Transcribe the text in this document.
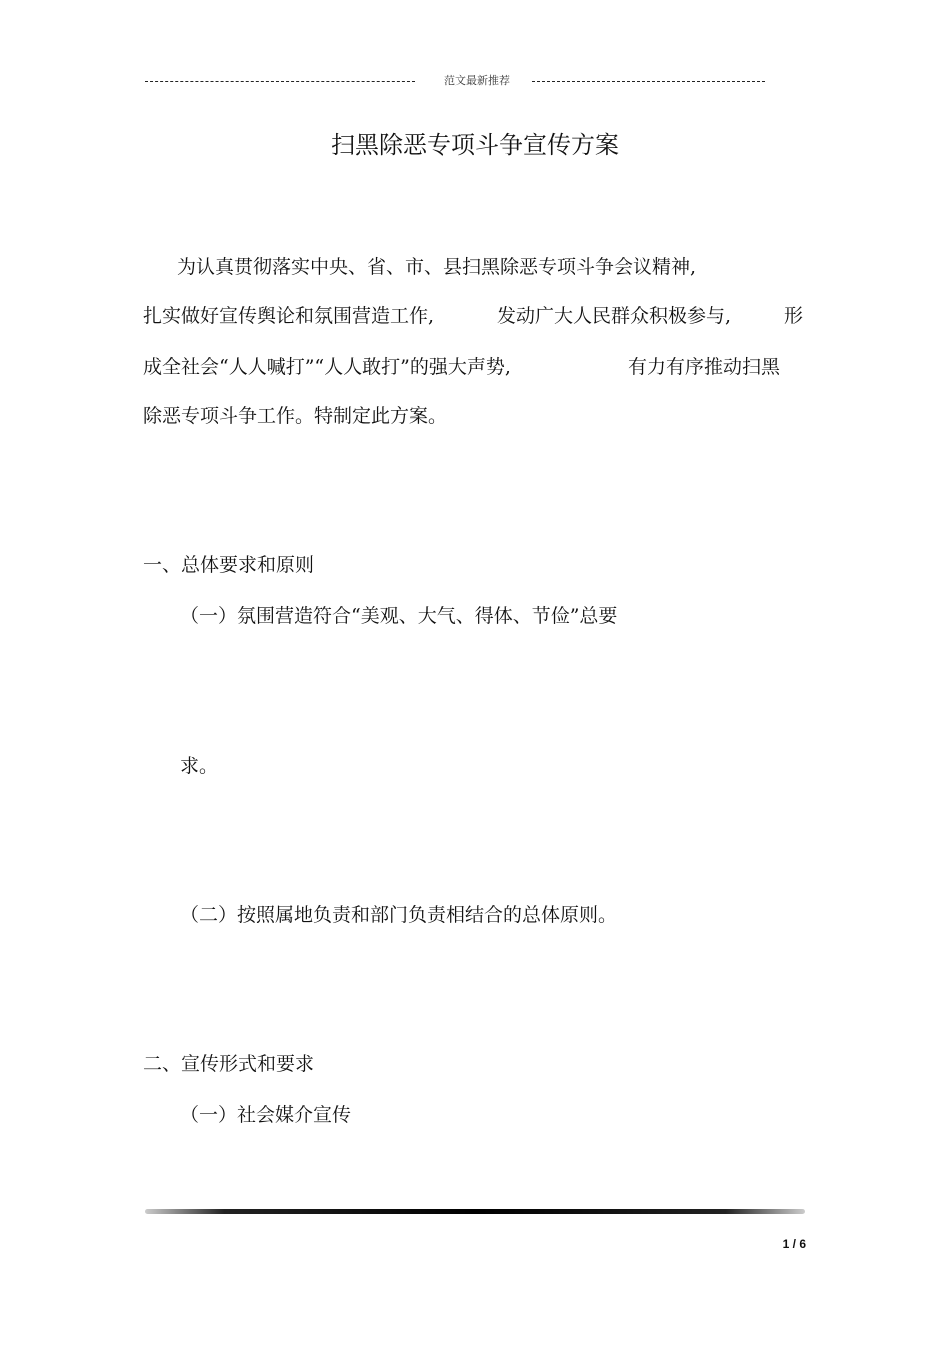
范文最新推荐
扫黑除恶专项斗争宣传方案
为认真贯彻落实中央、省、市、县扫黑除恶专项斗争会议精神,
扎实做好宣传舆论和氛围营造工作,	发动广大人民群众积极参与,	形
成全社会“人人喊打”“人人敢打”的强大声势,	有力有序推动扫黑
除恶专项斗争工作。特制定此方案。
一、总体要求和原则
（一）氛围营造符合“美观、大气、得体、节俭”总要
求。
（二）按照属地负责和部门负责相结合的总体原则。
二、宣传形式和要求
（一）社会媒介宣传
1 / 6
